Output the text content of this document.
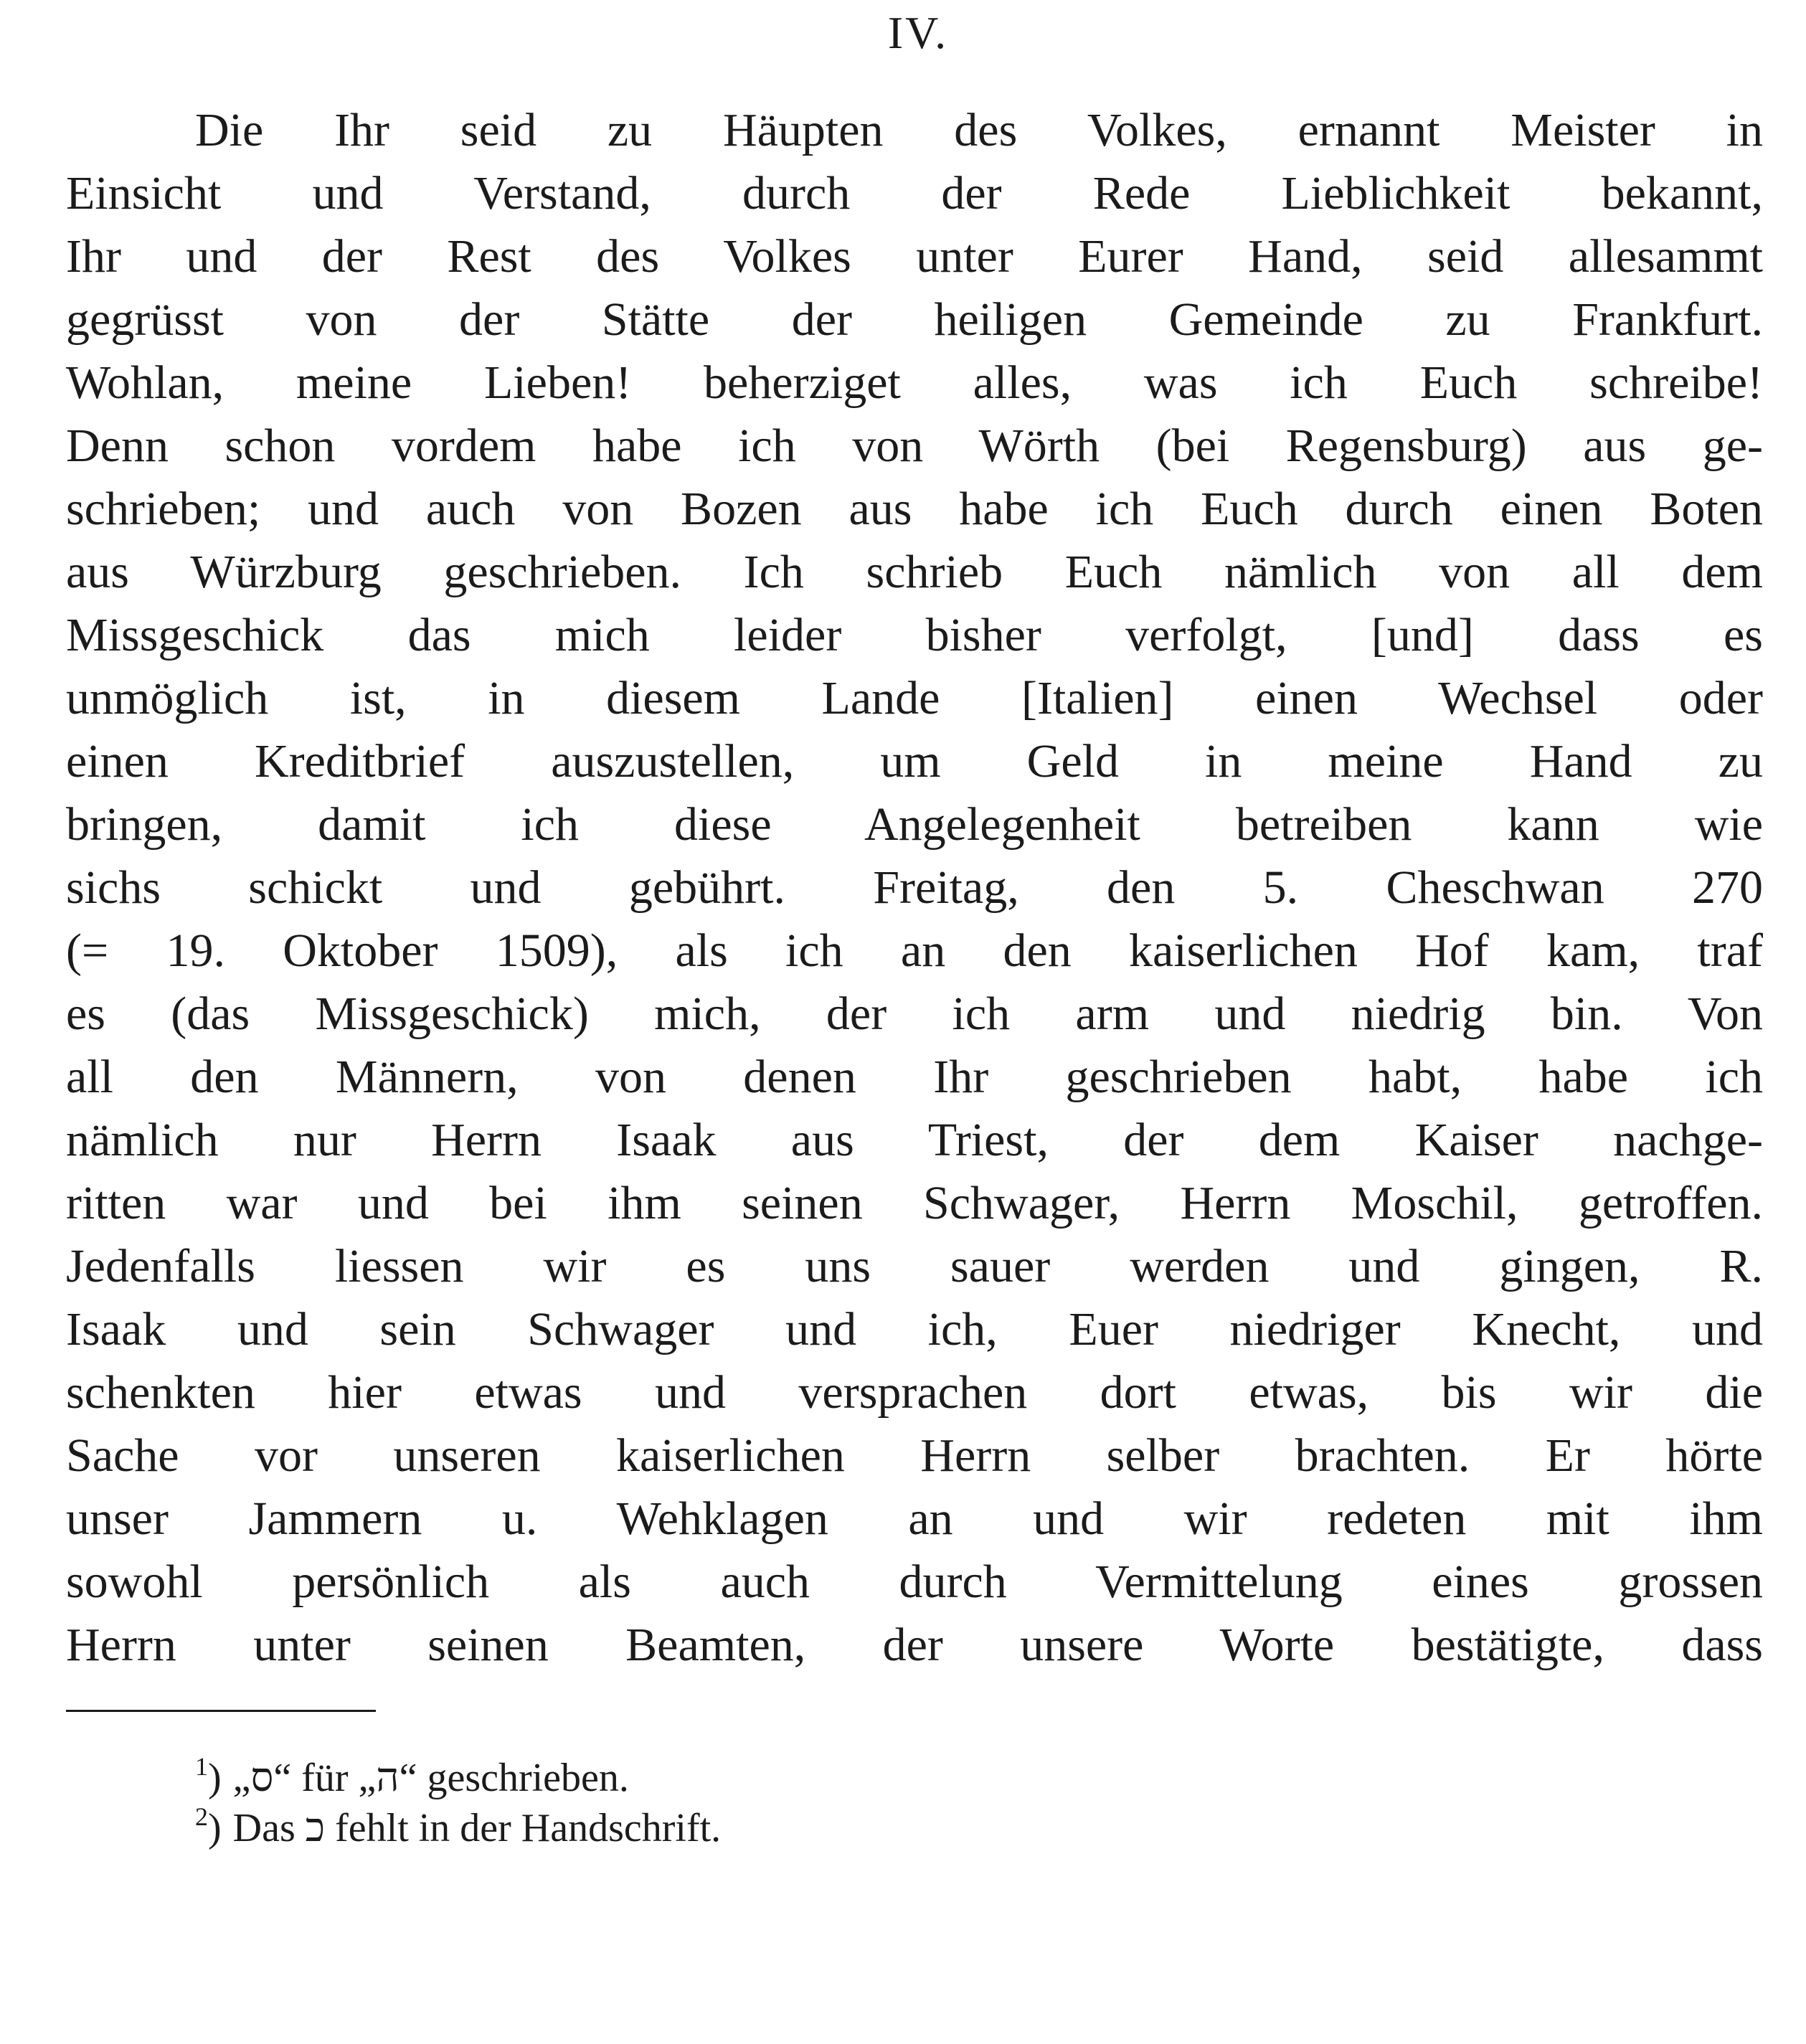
IV.
Die Ihr seid zu Häupten des Volkes, ernannt Meister in
Einsicht und Verstand, durch der Rede Lieblichkeit bekannt,
Ihr und der Rest des Volkes unter Eurer Hand, seid allesammt
gegrüsst von der Stätte der heiligen Gemeinde zu Frankfurt.
Wohlan, meine Lieben! beherziget alles, was ich Euch schreibe!
Denn schon vordem habe ich von Wörth (bei Regensburg) aus ge-
schrieben; und auch von Bozen aus habe ich Euch durch einen Boten
aus Würzburg geschrieben. Ich schrieb Euch nämlich von all dem
Missgeschick das mich leider bisher verfolgt, [und] dass es
unmöglich ist, in diesem Lande [Italien] einen Wechsel oder
einen Kreditbrief auszustellen, um Geld in meine Hand zu
bringen, damit ich diese Angelegenheit betreiben kann wie
sichs schickt und gebührt. Freitag, den 5. Cheschwan 270
(= 19. Oktober 1509), als ich an den kaiserlichen Hof kam, traf
es (das Missgeschick) mich, der ich arm und niedrig bin. Von
all den Männern, von denen Ihr geschrieben habt, habe ich
nämlich nur Herrn Isaak aus Triest, der dem Kaiser nachge-
ritten war und bei ihm seinen Schwager, Herrn Moschil, getroffen.
Jedenfalls liessen wir es uns sauer werden und gingen, R.
Isaak und sein Schwager und ich, Euer niedriger Knecht, und
schenkten hier etwas und versprachen dort etwas, bis wir die
Sache vor unseren kaiserlichen Herrn selber brachten. Er hörte
unser Jammern u. Wehklagen an und wir redeten mit ihm
sowohl persönlich als auch durch Vermittelung eines grossen
Herrn unter seinen Beamten, der unsere Worte bestätigte, dass
$^1$) „ס“ für „ה“ geschrieben.
$^2$) Das כ fehlt in der Handschrift.
